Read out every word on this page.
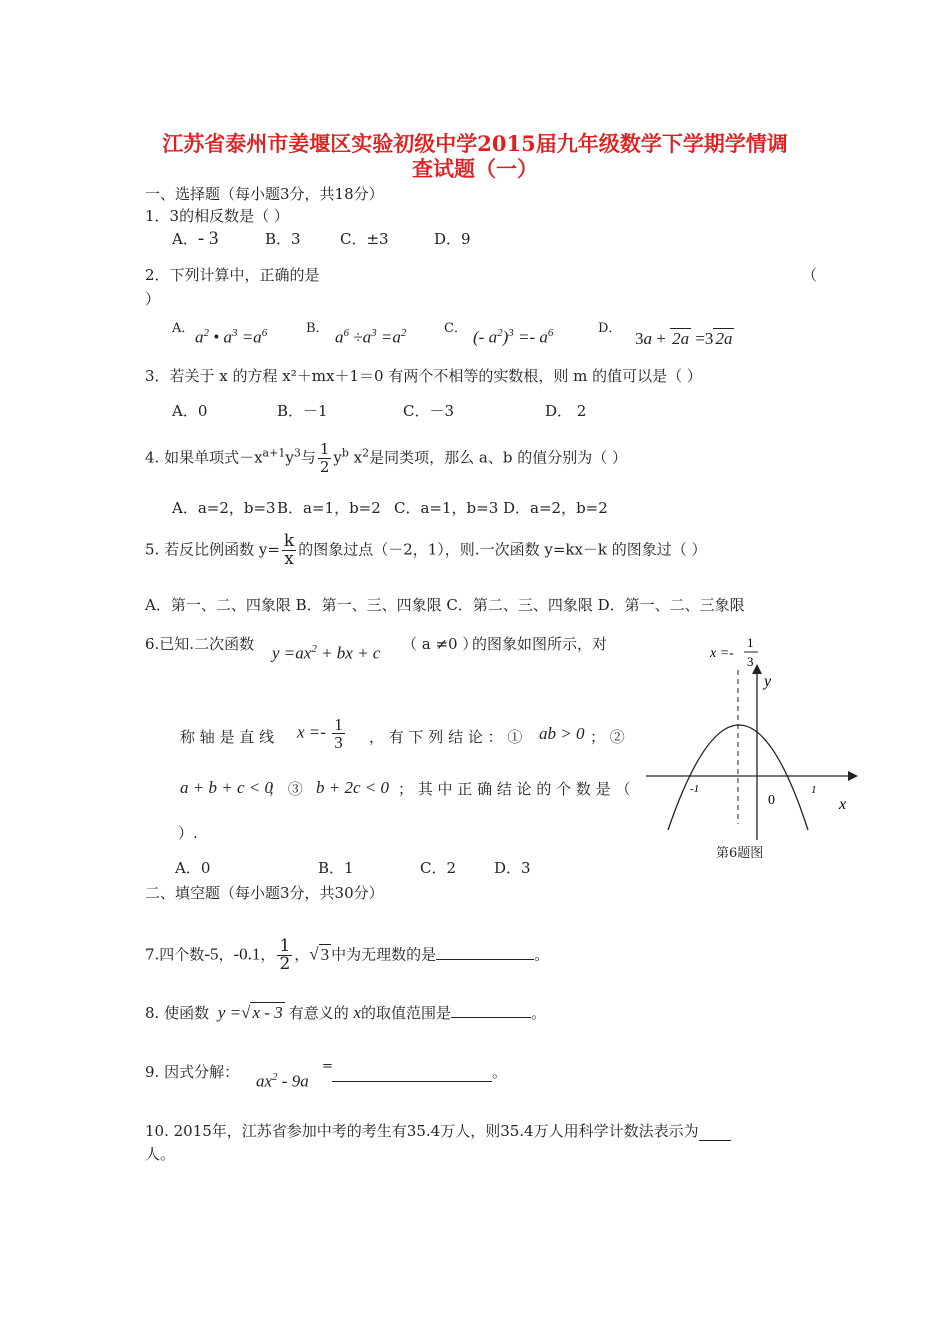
江苏省泰州市姜堰区实验初级中学2015届九年级数学下学期学情调
查试题（一）
一、选择题（每小题3分，共18分）
1．3的相反数是（ ）
A．- 3	B．3	C．±3	D．9
2．下列计算中，正确的是	（
）
A． $a^2$ • $a^3 =a^6$	B． $a^6 \div a^3 =a^2$	C． (- $a^2)^3 =- a^6$	D．
3a + 2a =3 2a
3．若关于 x 的方程 x²＋mx＋1＝0 有两个不相等的实数根，则 m 的值可以是（ ）
A．0	B．－1	C．－3	D． 2
4. 如果单项式$-x^{a+1}y^3$与 $\frac{1}{2} y^b$ $x^2$是同类项，那么 a、b 的值分别为（ ）
A．a=2，b=3 B．a=1，b=2 C．a=1，b=3 D．a=2，b=2
5. 若反比例函数 $y= \frac{k}{x}$ 的图象过点（－2，1），则.一次函数 y=kx－k 的图象过（ ）
A．第一、二、四象限 B．第一、三、四象限 C．第二、三、四象限 D．第一、二、三象限
6.已知.二次函数 $y =ax^2$ + bx + c （ a ≠0 ）
的图象如图所示，对
称 轴 是 直 线 $x =- \frac{1}{3}$ ， 有 下 列 结 论 ： ① ab > 0 ； ②
a + b + c < 0
； ③ b + 2c < 0 ； 其 中 正 确 结 论 的 个 数 是 （
）.
A．0	B．1	C．2	D．3
-1	1
0	x
y
x =-
1
3
第6题图
二、填空题（每小题3分，共30分）
7.四个数-5，-0.1， $\frac{1}{2}$ ，√ 3 中为无理数的是	。
8. 使函数 y =√ x - 3 有意义的 x的取值范围是	。
9. 因式分解： $ax^2 - 9a$
=	。
10. 2015年，江苏省参加中考的考生有35.4万人，则35.4万人用科学计数法表示为
人。
